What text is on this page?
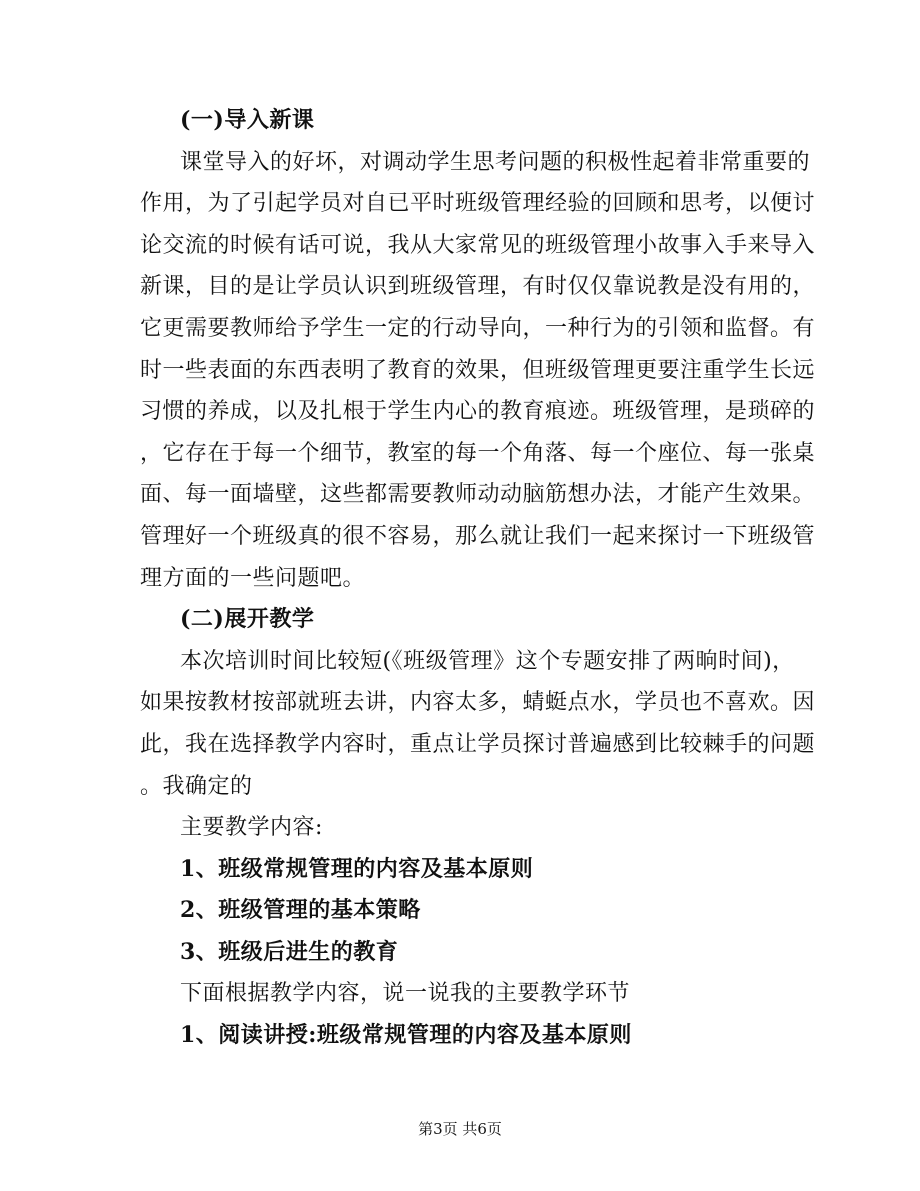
(一)导入新课
课堂导入的好坏，对调动学生思考问题的积极性起着非常重要的
作用，为了引起学员对自已平时班级管理经验的回顾和思考，以便讨
论交流的时候有话可说，我从大家常见的班级管理小故事入手来导入
新课，目的是让学员认识到班级管理，有时仅仅靠说教是没有用的，
它更需要教师给予学生一定的行动导向，一种行为的引领和监督。有
时一些表面的东西表明了教育的效果，但班级管理更要注重学生长远
习惯的养成，以及扎根于学生内心的教育痕迹。班级管理，是琐碎的
，它存在于每一个细节，教室的每一个角落、每一个座位、每一张桌
面、每一面墙壁，这些都需要教师动动脑筋想办法，才能产生效果。
管理好一个班级真的很不容易，那么就让我们一起来探讨一下班级管
理方面的一些问题吧。
(二)展开教学
本次培训时间比较短(《班级管理》这个专题安排了两晌时间)，
如果按教材按部就班去讲，内容太多，蜻蜓点水，学员也不喜欢。因
此，我在选择教学内容时，重点让学员探讨普遍感到比较棘手的问题
。我确定的
主要教学内容:
1、班级常规管理的内容及基本原则
2、班级管理的基本策略
3、班级后进生的教育
下面根据教学内容，说一说我的主要教学环节
1、阅读讲授:班级常规管理的内容及基本原则
第3页 共6页
